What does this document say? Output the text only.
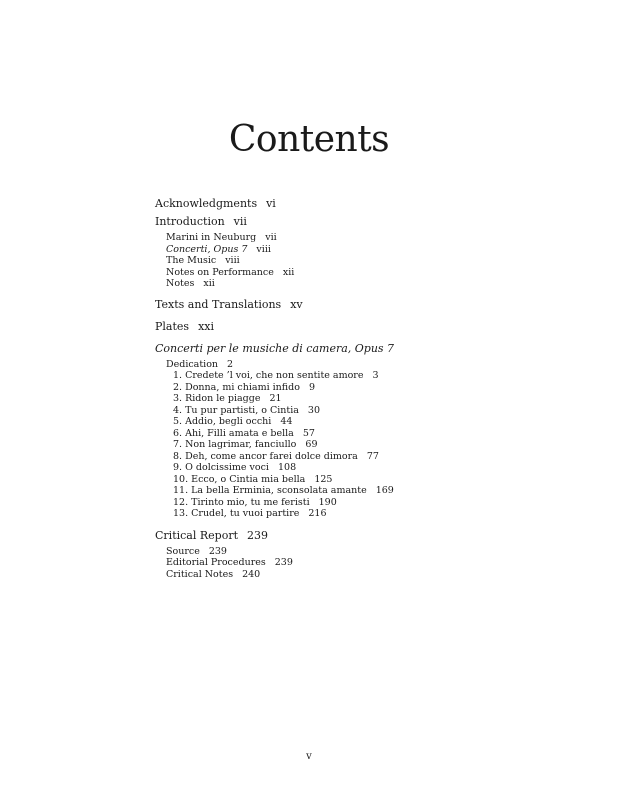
Contents
Acknowledgments vi
Introduction vii
Marini in Neuburg vii
Concerti, Opus 7 viii
The Music viii
Notes on Performance xii
Notes xii
Texts and Translations xv
Plates xxi
Concerti per le musiche di camera, Opus 7
Dedication 2
1. Credete ’l voi, che non sentite amore 3
2. Donna, mi chiami infido 9
3. Ridon le piagge 21
4. Tu pur partisti, o Cintia 30
5. Addio, begli occhi 44
6. Ahi, Filli amata e bella 57
7. Non lagrimar, fanciullo 69
8. Deh, come ancor farei dolce dimora 77
9. O dolcissime voci 108
10. Ecco, o Cintia mia bella 125
11. La bella Erminia, sconsolata amante 169
12. Tirinto mio, tu me feristi 190
13. Crudel, tu vuoi partire 216
Critical Report 239
Source 239
Editorial Procedures 239
Critical Notes 240
v
